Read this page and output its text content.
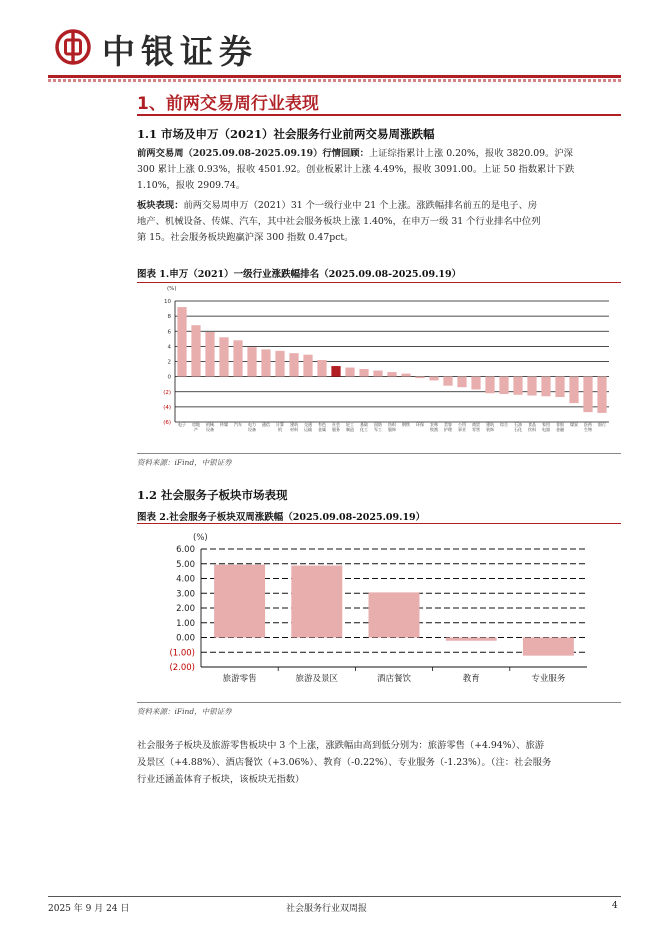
中银证券
1、前两交易周行业表现
1.1 市场及申万（2021）社会服务行业前两交易周涨跌幅
前两交易周（2025.09.08-2025.09.19）行情回顾：上证综指累计上涨 0.20%，报收 3820.09。沪深
300 累计上涨 0.93%，报收 4501.92。创业板累计上涨 4.49%，报收 3091.00。上证 50 指数累计下跌
1.10%，报收 2909.74。
板块表现：前两交易周申万（2021）31 个一级行业中 21 个上涨。涨跌幅排名前五的是电子、房
地产、机械设备、传媒、汽车，其中社会服务板块上涨 1.40%，在申万一级 31 个行业排名中位列
第 15。社会服务板块跑赢沪深 300 指数 0.47pct。
图表 1.申万（2021）一级行业涨跌幅排名（2025.09.08-2025.09.19）
(%)
10
8
6
4
2
0
(2)
(4)
(6) 电子 房地产
机械设备
传媒 汽车 电力设备
通信 计算机
建筑材料
交通运输
有色金属
社会服务
轻工制造
基础化工
国防军工
纺织服饰
钢铁 环保 农林牧渔
美容护理
公用事业
商贸零售
建筑装饰
综合 石油石化
食品饮料
家用电器
非银金融
煤炭 医药生物
银行
资料来源：iFind，中银证券
1.2 社会服务子板块市场表现
图表 2.社会服务子板块双周涨跌幅（2025.09.08-2025.09.19）
(%)
6.00
5.00
4.00
3.00
2.00
1.00
0.00
(1.00)
(2.00)
旅游零售	旅游及景区	酒店餐饮	教育	专业服务
资料来源：iFind，中银证券
社会服务子板块及旅游零售板块中 3 个上涨，涨跌幅由高到低分别为：旅游零售（+4.94%）、旅游
及景区（+4.88%）、酒店餐饮（+3.06%）、教育（-0.22%）、专业服务（-1.23%）。（注：社会服务
行业还涵盖体育子板块，该板块无指数）
2025 年 9 月 24 日	社会服务行业双周报	4
